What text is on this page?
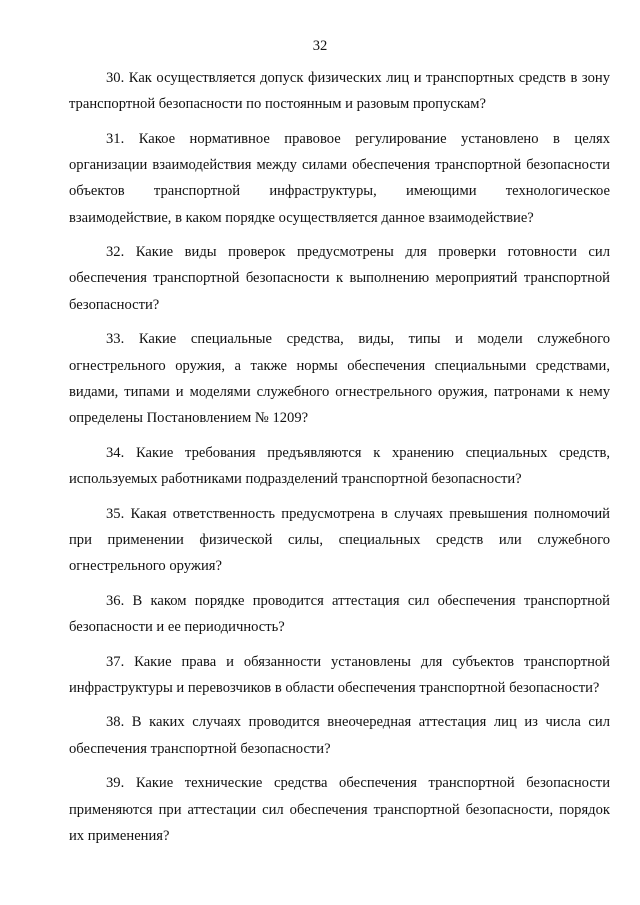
32

30. Как осуществляется допуск физических лиц и транспортных средств в зону транспортной безопасности по постоянным и разовым пропускам?

31. Какое нормативное правовое регулирование установлено в целях организации взаимодействия между силами обеспечения транспортной безопасности объектов транспортной инфраструктуры, имеющими технологическое взаимодействие, в каком порядке осуществляется данное взаимодействие?

32. Какие виды проверок предусмотрены для проверки готовности сил обеспечения транспортной безопасности к выполнению мероприятий транспортной безопасности?

33. Какие специальные средства, виды, типы и модели служебного огнестрельного оружия, а также нормы обеспечения специальными средствами, видами, типами и моделями служебного огнестрельного оружия, патронами к нему определены Постановлением № 1209?

34. Какие требования предъявляются к хранению специальных средств, используемых работниками подразделений транспортной безопасности?

35. Какая ответственность предусмотрена в случаях превышения полномочий при применении физической силы, специальных средств или служебного огнестрельного оружия?

36. В каком порядке проводится аттестация сил обеспечения транспортной безопасности и ее периодичность?

37. Какие права и обязанности установлены для субъектов транспортной инфраструктуры и перевозчиков в области обеспечения транспортной безопасности?

38. В каких случаях проводится внеочередная аттестация лиц из числа сил обеспечения транспортной безопасности?

39. Какие технические средства обеспечения транспортной безопасности применяются при аттестации сил обеспечения транспортной безопасности, порядок их применения?
